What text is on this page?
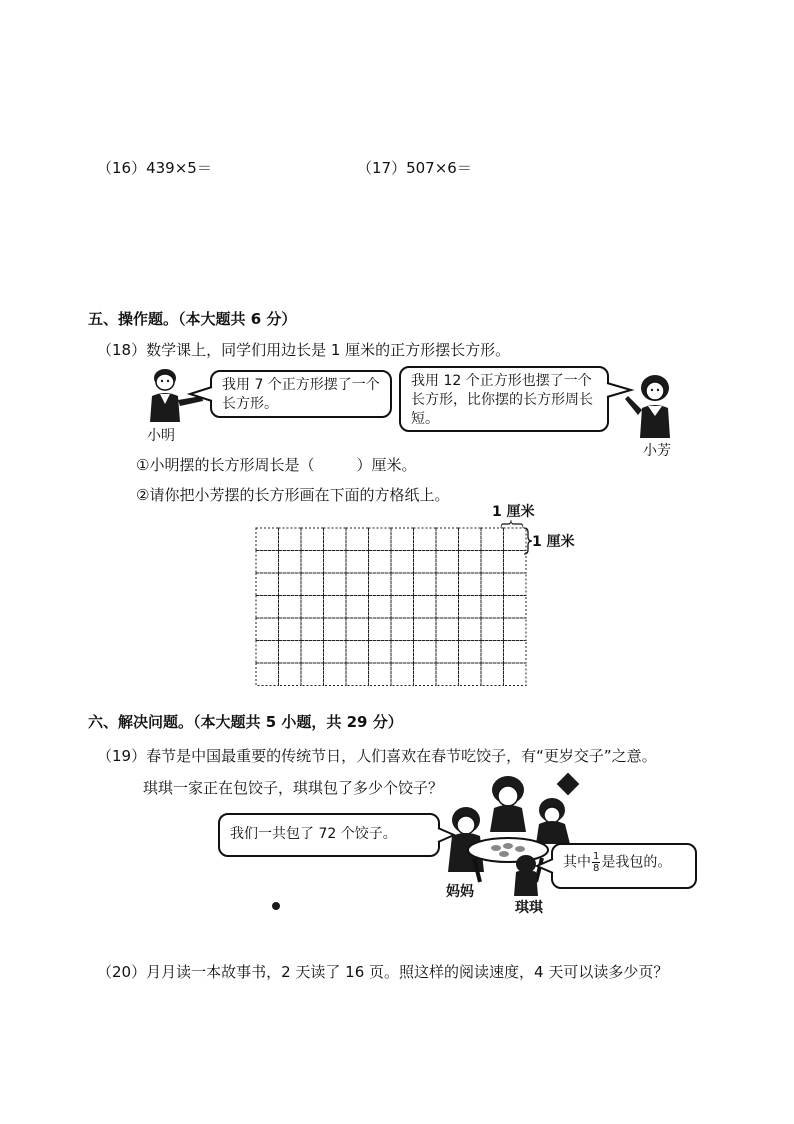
（16）439×5＝	（17）507×6＝
五、操作题。（本大题共 6 分）
（18）数学课上，同学们用边长是 1 厘米的正方形摆长方形。
小明
我用 7 个正方形摆了一个长方形。
我用 12 个正方形也摆了一个长方形，比你摆的长方形周长短。
小芳
①小明摆的长方形周长是（	）厘米。
②请你把小芳摆的长方形画在下面的方格纸上。
1 厘米
1 厘米
六、解决问题。（本大题共 5 小题，共 29 分）
（19）春节是中国最重要的传统节日，人们喜欢在春节吃饺子，有“更岁交子”之意。
琪琪一家正在包饺子，琪琪包了多少个饺子？
我们一共包了 72 个饺子。
妈妈
琪琪
其中 $\frac{1}{8}$ 是我包的。
（20）月月读一本故事书，2 天读了 16 页。照这样的阅读速度，4 天可以读多少页？
